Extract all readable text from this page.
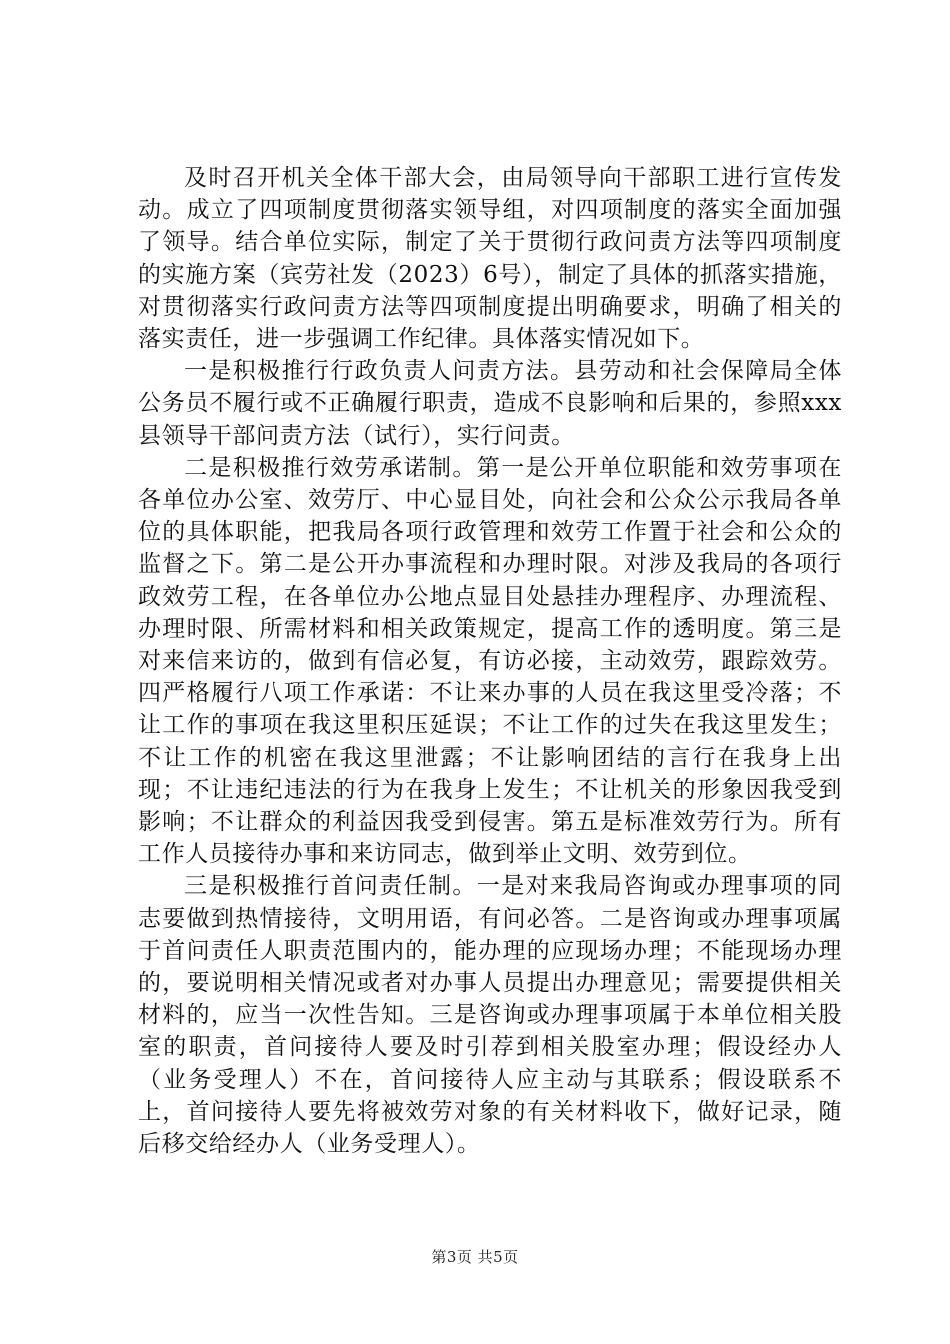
及时召开机关全体干部大会，由局领导向干部职工进行宣传发动。成立了四项制度贯彻落实领导组，对四项制度的落实全面加强了领导。结合单位实际，制定了关于贯彻行政问责方法等四项制度的实施方案（宾劳社发（2023）6号），制定了具体的抓落实措施，对贯彻落实行政问责方法等四项制度提出明确要求，明确了相关的落实责任，进一步强调工作纪律。具体落实情况如下。

一是积极推行行政负责人问责方法。县劳动和社会保障局全体公务员不履行或不正确履行职责，造成不良影响和后果的，参照xxx县领导干部问责方法（试行），实行问责。

二是积极推行效劳承诺制。第一是公开单位职能和效劳事项在各单位办公室、效劳厅、中心显目处，向社会和公众公示我局各单位的具体职能，把我局各项行政管理和效劳工作置于社会和公众的监督之下。第二是公开办事流程和办理时限。对涉及我局的各项行政效劳工程，在各单位办公地点显目处悬挂办理程序、办理流程、办理时限、所需材料和相关政策规定，提高工作的透明度。第三是对来信来访的，做到有信必复，有访必接，主动效劳，跟踪效劳。四严格履行八项工作承诺：不让来办事的人员在我这里受冷落；不让工作的事项在我这里积压延误；不让工作的过失在我这里发生；不让工作的机密在我这里泄露；不让影响团结的言行在我身上出现；不让违纪违法的行为在我身上发生；不让机关的形象因我受到影响；不让群众的利益因我受到侵害。第五是标准效劳行为。所有工作人员接待办事和来访同志，做到举止文明、效劳到位。

三是积极推行首问责任制。一是对来我局咨询或办理事项的同志要做到热情接待，文明用语，有问必答。二是咨询或办理事项属于首问责任人职责范围内的，能办理的应现场办理；不能现场办理的，要说明相关情况或者对办事人员提出办理意见；需要提供相关材料的，应当一次性告知。三是咨询或办理事项属于本单位相关股室的职责，首问接待人要及时引荐到相关股室办理；假设经办人（业务受理人）不在，首问接待人应主动与其联系；假设联系不上，首问接待人要先将被效劳对象的有关材料收下，做好记录，随后移交给经办人（业务受理人）。

第3页 共5页
